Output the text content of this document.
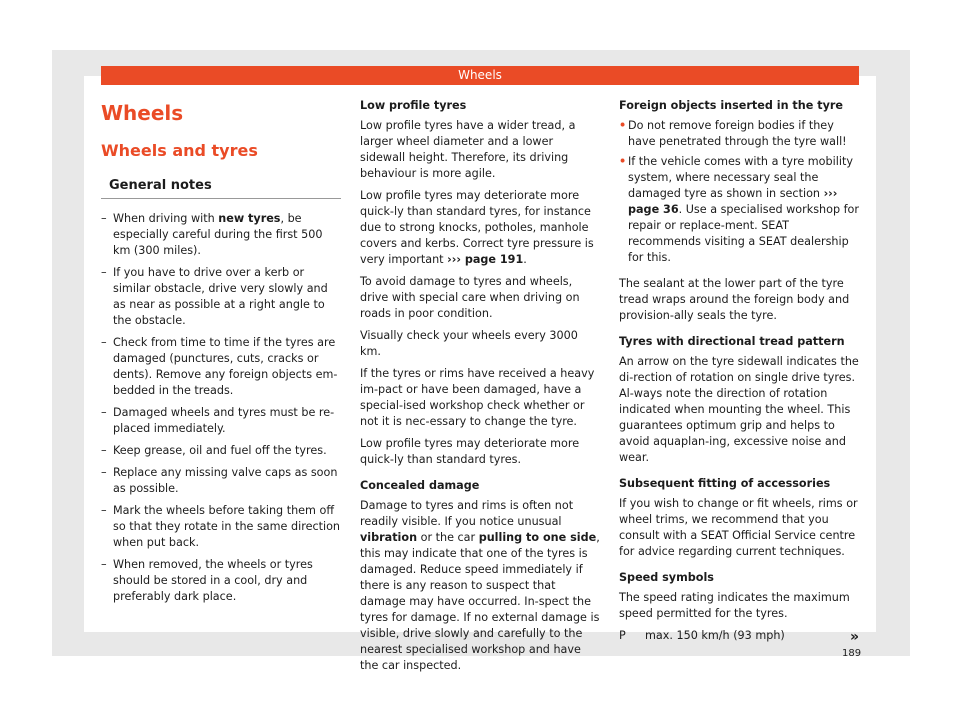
Wheels
Wheels
Wheels and tyres
General notes
– When driving with new tyres, be especially careful during the first 500 km (300 miles).
– If you have to drive over a kerb or similar obstacle, drive very slowly and as near as possible at a right angle to the obstacle.
– Check from time to time if the tyres are damaged (punctures, cuts, cracks or dents). Remove any foreign objects em-bedded in the treads.
– Damaged wheels and tyres must be re-placed immediately.
– Keep grease, oil and fuel off the tyres.
– Replace any missing valve caps as soon as possible.
– Mark the wheels before taking them off so that they rotate in the same direction when put back.
– When removed, the wheels or tyres should be stored in a cool, dry and preferably dark place.

Low profile tyres

Low profile tyres have a wider tread, a larger wheel diameter and a lower sidewall height. Therefore, its driving behaviour is more agile.

Low profile tyres may deteriorate more quick-ly than standard tyres, for instance due to strong knocks, potholes, manhole covers and kerbs. Correct tyre pressure is very important ››› page 191.

To avoid damage to tyres and wheels, drive with special care when driving on roads in poor condition.

Visually check your wheels every 3000 km.

If the tyres or rims have received a heavy im-pact or have been damaged, have a special-ised workshop check whether or not it is nec-essary to change the tyre.

Low profile tyres may deteriorate more quick-ly than standard tyres.

Concealed damage

Damage to tyres and rims is often not readily visible. If you notice unusual vibration or the car pulling to one side, this may indicate that one of the tyres is damaged. Reduce speed immediately if there is any reason to suspect that damage may have occurred. In-spect the tyres for damage. If no external damage is visible, drive slowly and carefully to the nearest specialised workshop and have the car inspected.

Foreign objects inserted in the tyre

• Do not remove foreign bodies if they have penetrated through the tyre wall!
• If the vehicle comes with a tyre mobility system, where necessary seal the damaged tyre as shown in section ››› page 36. Use a specialised workshop for repair or replace-ment. SEAT recommends visiting a SEAT dealership for this.

The sealant at the lower part of the tyre tread wraps around the foreign body and provision-ally seals the tyre.

Tyres with directional tread pattern

An arrow on the tyre sidewall indicates the di-rection of rotation on single drive tyres. Al-ways note the direction of rotation indicated when mounting the wheel. This guarantees optimum grip and helps to avoid aquaplan-ing, excessive noise and wear.

Subsequent fitting of accessories

If you wish to change or fit wheels, rims or wheel trims, we recommend that you consult with a SEAT Official Service centre for advice regarding current techniques.

Speed symbols

The speed rating indicates the maximum speed permitted for the tyres.

P	max. 150 km/h (93 mph)	»
189
